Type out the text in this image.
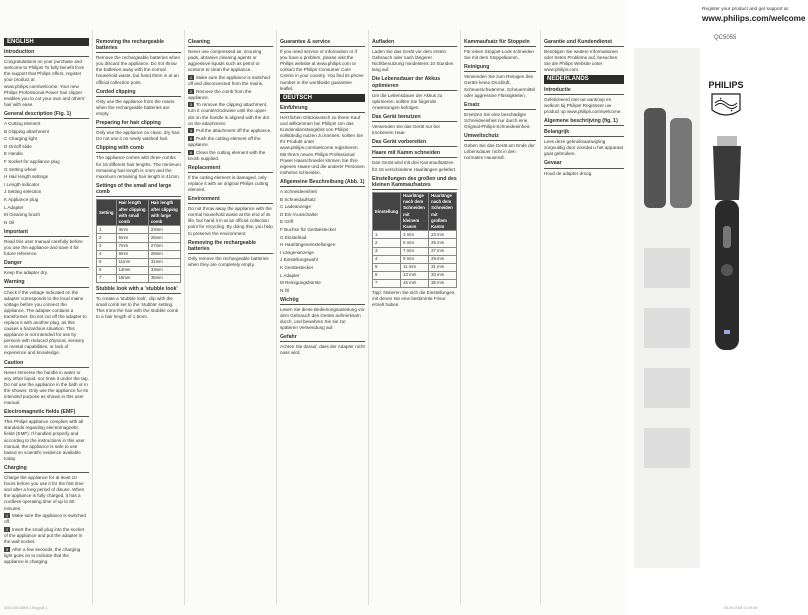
ENGLISH
Introduction

Congratulations on your purchase and welcome to Philips! To fully benefit from the support that Philips offers, register your product at www.philips.com/welcome. Your new Philips Professional Power hair clipper enables you to cut your own and others' hair with ease.

General description (Fig. 1)

A Cutting element

B Clipping attachment

C Charging light

D On/off slide

E Handle

F Socket for appliance plug

G Setting wheel

H Hair length settings

I Length indicator

J Setting selection

K Appliance plug

L Adapter

M Cleaning brush

N Oil

Important

Read this user manual carefully before you use the appliance and save it for future reference.

Danger

Keep the adapter dry.

Warning

Check if the voltage indicated on the adapter corresponds to the local mains voltage before you connect the appliance. The adapter contains a transformer. Do not cut off the adapter to replace it with another plug, as this causes a hazardous situation. This appliance is not intended for use by persons with reduced physical, sensory or mental capabilities, or lack of experience and knowledge.

Caution

Never immerse the handle in water or any other liquid, nor rinse it under the tap. Do not use the appliance in the bath or in the shower. Only use the appliance for its intended purpose as shown in this user manual.

Electromagnetic fields (EMF)

This Philips appliance complies with all standards regarding electromagnetic fields (EMF). If handled properly and according to the instructions in this user manual, the appliance is safe to use based on scientific evidence available today.

Charging

Charge the appliance for at least 10 hours before you use it for the first time and after a long period of disuse. When the appliance is fully charged, it has a cordless operating time of up to 60 minutes.

1 Make sure the appliance is switched off.

2 Insert the small plug into the socket of the appliance and put the adapter in the wall socket.

3 After a few seconds, the charging light goes on to indicate that the appliance is charging.

Removing the rechargeable batteries

Remove the rechargeable batteries when you discard the appliance. Do not throw the batteries away with the normal household waste, but hand them in at an official collection point.

Corded clipping

Only use the appliance from the mains when the rechargeable batteries are empty.

Preparing for hair clipping

Only use the appliance on clean, dry hair. Do not use it on newly washed hair.

Clipping with comb

The appliance comes with three combs for 15 different hair lengths. The minimum remaining hair length is 1mm and the maximum remaining hair length is 41mm.

Settings of the small and large comb
Setting	Hair length after clipping with small comb	Hair length after clipping with large comb
1	3mm	23mm
2	5mm	25mm
3	7mm	27mm
4	9mm	29mm
5	11mm	31mm
6	13mm	33mm
7	15mm	35mm
Stubble look with a 'stubble look'

To create a 'stubble look', clip with the small comb set to the 'stubble' setting. This trims the hair with the stubble comb to a hair length of 1.5mm.

Cleaning

Never use compressed air, scouring pads, abrasive cleaning agents or aggressive liquids such as petrol or acetone to clean the appliance.

1 Make sure the appliance is switched off and disconnected from the mains.

2 Remove the comb from the appliance.

3 To remove the clipping attachment, turn it counterclockwise until the upper dot on the handle is aligned with the dot on the attachment.

4 Pull the attachment off the appliance.

5 Push the cutting element off the appliance.

6 Clean the cutting element with the brush supplied.

Replacement

If the cutting element is damaged, only replace it with an original Philips cutting element.

Environment

Do not throw away the appliance with the normal household waste at the end of its life, but hand it in at an official collection point for recycling. By doing this, you help to preserve the environment.

Removing the rechargeable batteries

Only remove the rechargeable batteries when they are completely empty.

Guarantee & service

If you need service or information or if you have a problem, please visit the Philips website at www.philips.com or contact the Philips Consumer Care Centre in your country. You find its phone number in the worldwide guarantee leaflet.

DEUTSCH
Einführung

Herzlichen Glückwunsch zu Ihrem Kauf und willkommen bei Philips! Um das Kundendienstangebot von Philips vollständig nutzen zu können, sollten Sie Ihr Produkt unter www.philips.com/welcome registrieren. Mit Ihrem neuen Philips Professional Power Haarschneider können Sie Ihre eigenen Haare und die anderer Personen mühelos schneiden.

Allgemeine Beschreibung (Abb. 1)

A Schneideeinheit

B Schneidaufsatz

C Ladeanzeige

D Ein-/Ausschalter

E Griff

F Buchse für Gerätestecker

G Einstellrad

H Haarlängeneinstellungen

I Längenanzeige

J Einstellungswahl

K Gerätestecker

L Adapter

M Reinigungsbürste

N Öl

Wichtig

Lesen Sie diese Bedienungsanleitung vor dem Gebrauch des Geräts aufmerksam durch, und bewahren Sie sie zur späteren Verwendung auf.

Gefahr

Achten Sie darauf, dass der Adapter nicht nass wird.

Aufladen

Laden Sie das Gerät vor dem ersten Gebrauch oder nach längerer Nichtbenutzung mindestens 10 Stunden lang auf.

Die Lebensdauer der Akkus optimieren

Um die Lebensdauer der Akkus zu optimieren, sollten Sie folgende Anweisungen befolgen.

Das Gerät benutzen

Verwenden Sie das Gerät nur bei trockenem Haar.

Das Gerät vorbereiten
Haare mit Kamm schneiden

Das Gerät wird mit drei Kammaufsätzen für 15 verschiedene Haarlängen geliefert.

Einstellungen des großen und des kleinen Kammaufsatzes
Einstellung	Haarlänge nach dem Schneiden mit kleinem Kamm	Haarlänge nach dem Schneiden mit großem Kamm
1	3 mm	23 mm
2	5 mm	25 mm
3	7 mm	27 mm
4	9 mm	29 mm
5	11 mm	31 mm
6	13 mm	33 mm
7	15 mm	35 mm

Tipp: Notieren Sie sich die Einstellungen, mit denen Sie eine bestimmte Frisur erzielt haben.

Kammaufsatz für Stoppeln

Für einen Stoppel-Look schneiden Sie mit dem Stoppelkamm.

Reinigung

Verwenden Sie zum Reinigen des Geräts keine Druckluft, Scheuerschwämme, Scheuermittel oder aggressive Flüssigkeiten.

Ersatz

Ersetzen Sie eine beschädigte Schneideeinheit nur durch eine Original-Philips-Schneideeinheit.

Umweltschutz

Geben Sie das Gerät am Ende der Lebensdauer nicht in den normalen Hausmüll.

Garantie und Kundendienst

Benötigen Sie weitere Informationen oder treten Probleme auf, besuchen Sie die Philips Website unter www.philips.com.

NEDERLANDS
Introductie

Gefeliciteerd met uw aankoop en welkom bij Philips! Registreer uw product op www.philips.com/welcome.

Algemene beschrijving (fig. 1)
Belangrijk

Lees deze gebruiksaanwijzing zorgvuldig door voordat u het apparaat gaat gebruiken.

Gevaar

Houd de adapter droog.

Register your product and get support at
www.philips.com/welcome
QC5055
PHILIPS
✦
✦
4203.000.6895.1 Eng.pdf 1	05-09-2008 11:09:48
